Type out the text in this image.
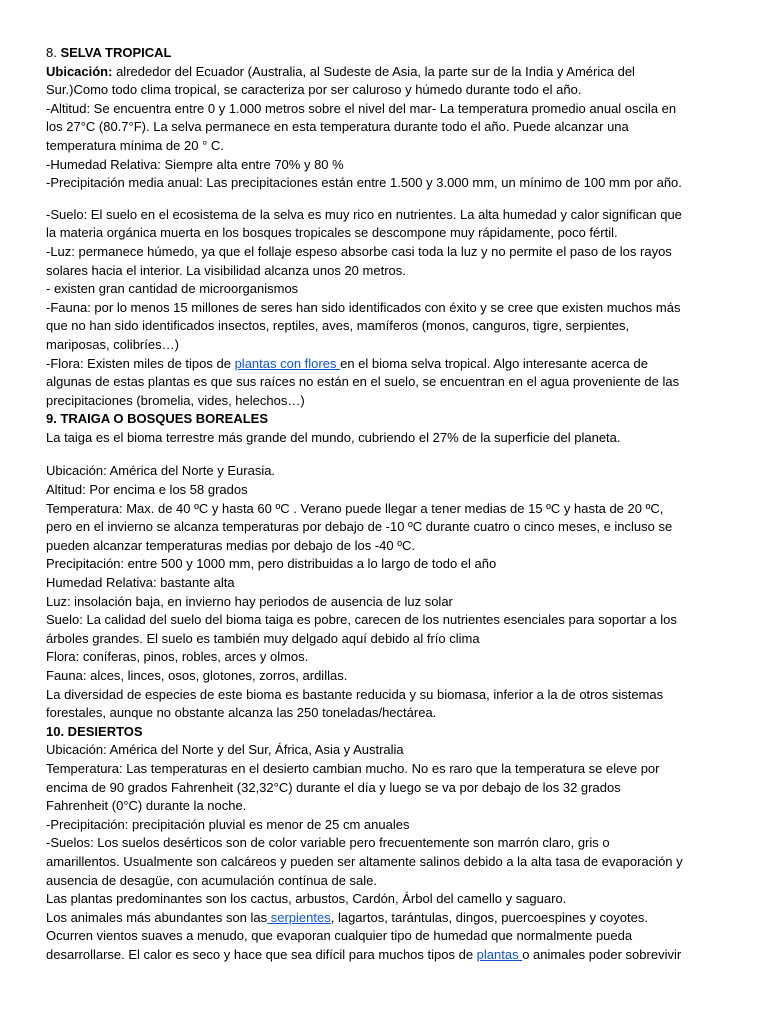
8. SELVA TROPICAL
Ubicación: alrededor del Ecuador (Australia, al Sudeste de Asia, la parte sur de la India y América del
Sur.)Como todo clima tropical, se caracteriza por ser caluroso y húmedo durante todo el año.
-Altitud: Se encuentra entre 0 y 1.000 metros sobre el nivel del mar- La temperatura promedio anual oscila en
los 27°C (80.7°F). La selva permanece en esta temperatura durante todo el año. Puede alcanzar una
temperatura mínima de 20 ° C.
-Humedad Relativa: Siempre alta entre 70% y 80 %
-Precipitación media anual: Las precipitaciones están entre 1.500 y 3.000 mm, un mínimo de 100 mm por año.
-Suelo: El suelo en el ecosistema de la selva es muy rico en nutrientes. La alta humedad y calor significan que
la materia orgánica muerta en los bosques tropicales se descompone muy rápidamente, poco fértil.
-Luz: permanece húmedo, ya que el follaje espeso absorbe casi toda la luz y no permite el paso de los rayos
solares hacia el interior. La visibilidad alcanza unos 20 metros.
- existen gran cantidad de microorganismos
-Fauna: por lo menos 15 millones de seres han sido identificados con éxito y se cree que existen muchos más
que no han sido identificados insectos, reptiles, aves, mamíferos (monos, canguros, tigre, serpientes,
mariposas, colibríes…)
-Flora: Existen miles de tipos de plantas con flores en el bioma selva tropical. Algo interesante acerca de
algunas de estas plantas es que sus raíces no están en el suelo, se encuentran en el agua proveniente de las
precipitaciones (bromelia, vides, helechos…)
9. TRAIGA O BOSQUES BOREALES
La taiga es el bioma terrestre más grande del mundo, cubriendo el 27% de la superficie del planeta.
Ubicación: América del Norte y Eurasia.
Altitud: Por encima e los 58 grados
Temperatura: Max. de 40 ºC y hasta 60 ºC . Verano puede llegar a tener medias de 15 ºC y hasta de 20 ºC,
pero en el invierno se alcanza temperaturas por debajo de -10 ºC durante cuatro o cinco meses, e incluso se
pueden alcanzar temperaturas medias por debajo de los -40 ºC.
Precipitación: entre 500 y 1000 mm, pero distribuidas a lo largo de todo el año
Humedad Relativa: bastante alta
Luz: insolación baja, en invierno hay periodos de ausencia de luz solar
Suelo: La calidad del suelo del bioma taiga es pobre, carecen de los nutrientes esenciales para soportar a los
árboles grandes. El suelo es también muy delgado aquí debido al frío clima
Flora: coníferas, pinos, robles, arces y olmos.
Fauna: alces, linces, osos, glotones, zorros, ardillas.
La diversidad de especies de este bioma es bastante reducida y su biomasa, inferior a la de otros sistemas
forestales, aunque no obstante alcanza las 250 toneladas/hectárea.
10. DESIERTOS
Ubicación: América del Norte y del Sur, África, Asia y Australia
Temperatura: Las temperaturas en el desierto cambian mucho. No es raro que la temperatura se eleve por
encima de 90 grados Fahrenheit (32,32°C) durante el día y luego se va por debajo de los 32 grados
Fahrenheit (0°C) durante la noche.
-Precipitación: precipitación pluvial es menor de 25 cm anuales
-Suelos: Los suelos desérticos son de color variable pero frecuentemente son marrón claro, gris o
amarillentos. Usualmente son calcáreos y pueden ser altamente salinos debido a la alta tasa de evaporación y
ausencia de desagüe, con acumulación contínua de sale.
Las plantas predominantes son los cactus, arbustos, Cardón, Árbol del camello y saguaro.
Los animales más abundantes son las serpientes, lagartos, tarántulas, dingos, puercoespines y coyotes.
Ocurren vientos suaves a menudo, que evaporan cualquier tipo de humedad que normalmente pueda
desarrollarse. El calor es seco y hace que sea difícil para muchos tipos de plantas o animales poder sobrevivir
